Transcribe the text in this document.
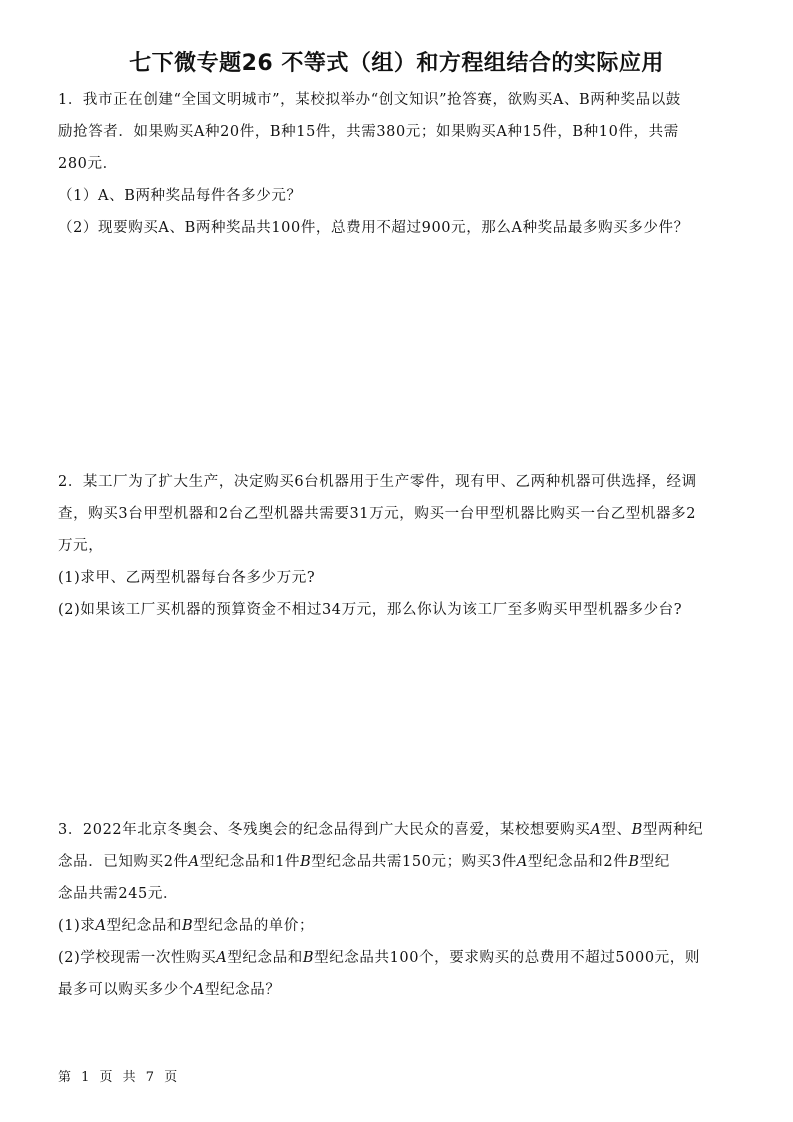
七下微专题26 不等式（组）和方程组结合的实际应用
1．我市正在创建“全国文明城市”，某校拟举办“创文知识”抢答赛，欲购买A、B两种奖品以鼓
励抢答者．如果购买A种20件，B种15件，共需380元；如果购买A种15件，B种10件，共需
280元．
（1）A、B两种奖品每件各多少元？
（2）现要购买A、B两种奖品共100件，总费用不超过900元，那么A种奖品最多购买多少件？
2．某工厂为了扩大生产，决定购买6台机器用于生产零件，现有甲、乙两种机器可供选择，经调
查，购买3台甲型机器和2台乙型机器共需要31万元，购买一台甲型机器比购买一台乙型机器多2
万元，
(1)求甲、乙两型机器每台各多少万元?
(2)如果该工厂买机器的预算资金不相过34万元，那么你认为该工厂至多购买甲型机器多少台?
3．2022年北京冬奥会、冬残奥会的纪念品得到广大民众的喜爱，某校想要购买A型、B型两种纪
念品．已知购买2件A型纪念品和1件B型纪念品共需150元；购买3件A型纪念品和2件B型纪
念品共需245元．
(1)求A型纪念品和B型纪念品的单价；
(2)学校现需一次性购买A型纪念品和B型纪念品共100个，要求购买的总费用不超过5000元，则
最多可以购买多少个A型纪念品？
第 1 页 共 7 页
